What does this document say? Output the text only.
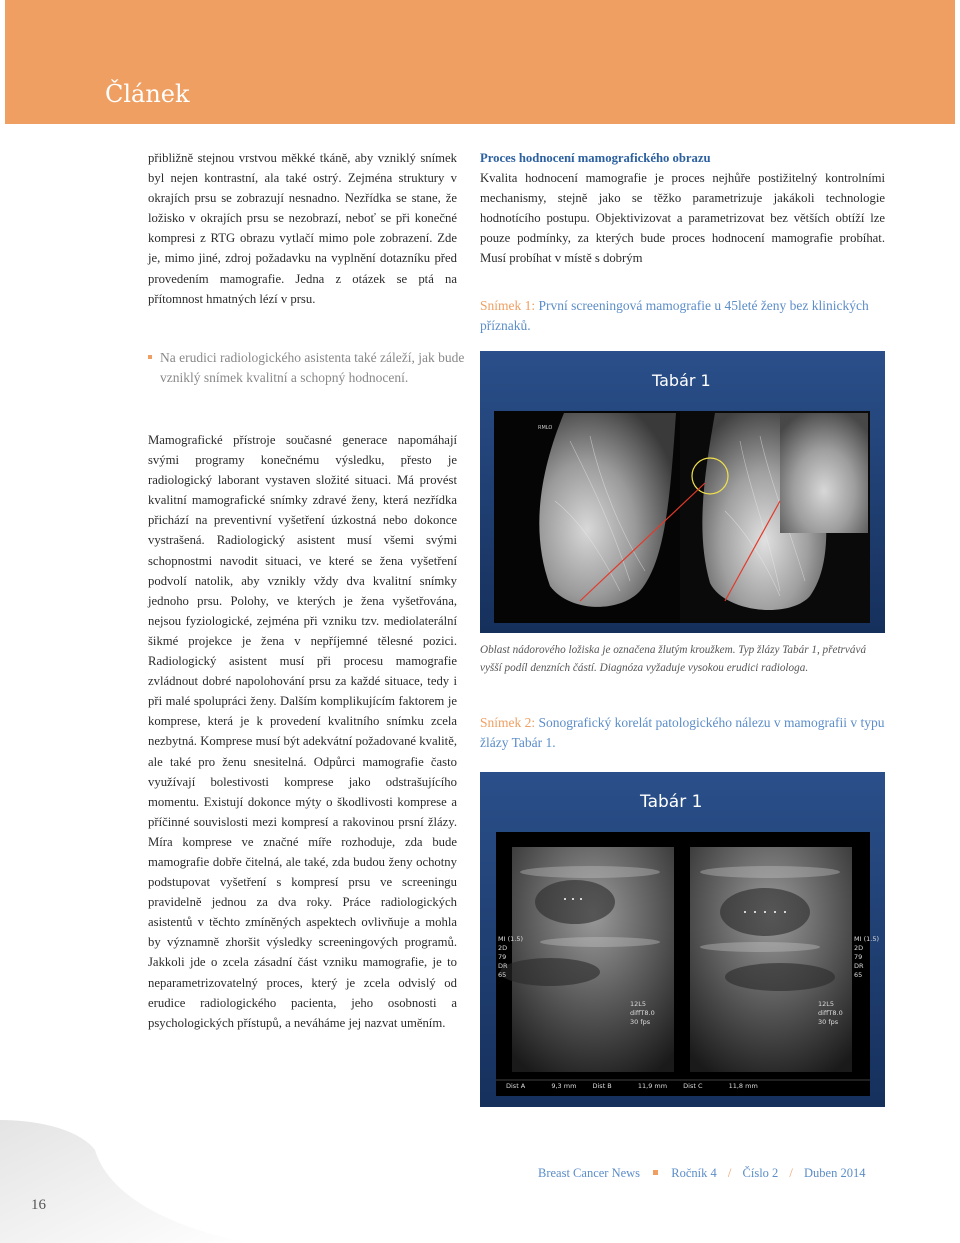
Článek

přibližně stejnou vrstvou měkké tkáně, aby vzniklý snímek byl nejen kontrastní, ala také ostrý. Zejména struktury v okrajích prsu se zobrazují nesnadno. Nezřídka se stane, že ložisko v okrajích prsu se nezobrazí, neboť se při konečné kompresi z RTG obrazu vytlačí mimo pole zobrazení. Zde je, mimo jiné, zdroj požadavku na vyplnění dotazníku před provedením mamografie. Jedna z otázek se ptá na přítomnost hmatných lézí v prsu.

Na erudici radiologického asistenta také záleží, jak bude vzniklý snímek kvalitní a schopný hodnocení.

Mamografické přístroje současné generace napomáhají svými programy konečnému výsledku, přesto je radiologický laborant vystaven složité situaci. Má provést kvalitní mamografické snímky zdravé ženy, která nezřídka přichází na preventivní vyšetření úzkostná nebo dokonce vystrašená. Radiologický asistent musí všemi svými schopnostmi navodit situaci, ve které se žena vyšetření podvolí natolik, aby vznikly vždy dva kvalitní snímky jednoho prsu. Polohy, ve kterých je žena vyšetřována, nejsou fyziologické, zejména při vzniku tzv. mediolaterální šikmé projekce je žena v nepříjemné tělesné pozici. Radiologický asistent musí při procesu mamografie zvládnout dobré napolohování prsu za každé situace, tedy i při malé spolupráci ženy. Dalším komplikujícím faktorem je komprese, která je k provedení kvalitního snímku zcela nezbytná. Komprese musí být adekvátní požadované kvalitě, ale také pro ženu snesitelná. Odpůrci mamografie často využívají bolestivosti komprese jako odstrašujícího momentu. Existují dokonce mýty o škodlivosti komprese a příčinné souvislosti mezi kompresí a rakovinou prsní žlázy. Míra komprese ve značné míře rozhoduje, zda bude mamografie dobře čitelná, ale také, zda budou ženy ochotny podstupovat vyšetření s kompresí prsu ve screeningu pravidelně jednou za dva roky. Práce radiologických asistentů v těchto zmíněných aspektech ovlivňuje a mohla by významně zhoršit výsledky screeningových programů. Jakkoli jde o zcela zásadní část vzniku mamografie, je to neparametrizovatelný proces, který je zcela odvislý od erudice radiologického pacienta, jeho osobnosti a psychologických přístupů, a neváháme jej nazvat uměním.

Proces hodnocení mamografického obrazu

Kvalita hodnocení mamografie je proces nejhůře postižitelný kontrolními mechanismy, stejně jako se těžko parametrizuje jakákoli technologie hodnotícího postupu. Objektivizovat a parametrizovat bez větších obtíží lze pouze podmínky, za kterých bude proces hodnocení mamografie probíhat. Musí probíhat v místě s dobrým

Snímek 1: První screeningová mamografie u 45leté ženy bez klinických příznaků.
RMLO
Tabár 1
Oblast nádorového ložiska je označena žlutým kroužkem. Typ žlázy Tabár 1, přetrvává vyšší podíl denzních částí. Diagnóza vyžaduje vysokou erudici radiologa.
Snímek 2: Sonografický korelát patologického nálezu v mamografii v typu žlázy Tabár 1.
Tabár 1
MI (1.5)
2D
79
DR
65
MI (1.5)
2D
79
DR
65
12L5
diffT8.0
30 fps
12L5
diffT8.0
30 fps
Dist A	9,3 mm Dist B	11,9 mm Dist C	11,8 mm
Breast Cancer News	Ročník 4 / Číslo 2 / Duben 2014
16
